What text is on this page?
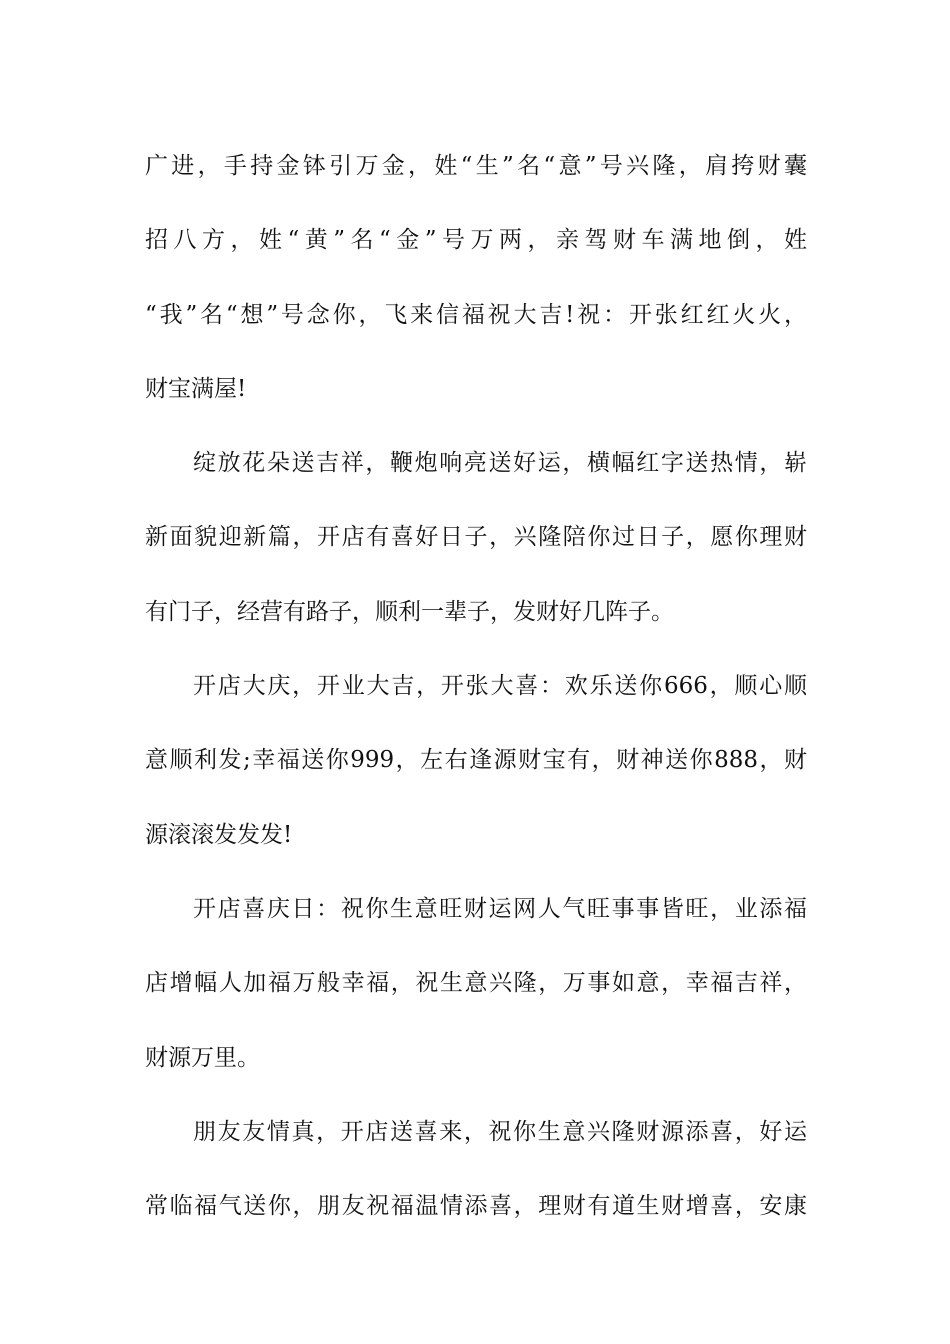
广进，手持金钵引万金，姓“生”名“意”号兴隆，肩挎财囊
招八方，姓“黄”名“金”号万两，亲驾财车满地倒，姓
“我”名“想”号念你，飞来信福祝大吉!祝：开张红红火火，
财宝满屋!
绽放花朵送吉祥，鞭炮响亮送好运，横幅红字送热情，崭
新面貌迎新篇，开店有喜好日子，兴隆陪你过日子，愿你理财
有门子，经营有路子，顺利一辈子，发财好几阵子。
开店大庆，开业大吉，开张大喜：欢乐送你666，顺心顺
意顺利发;幸福送你999，左右逢源财宝有，财神送你888，财
源滚滚发发发!
开店喜庆日：祝你生意旺财运网人气旺事事皆旺，业添福
店增幅人加福万般幸福，祝生意兴隆，万事如意，幸福吉祥，
财源万里。
朋友友情真，开店送喜来，祝你生意兴隆财源添喜，好运
常临福气送你，朋友祝福温情添喜，理财有道生财增喜，安康
